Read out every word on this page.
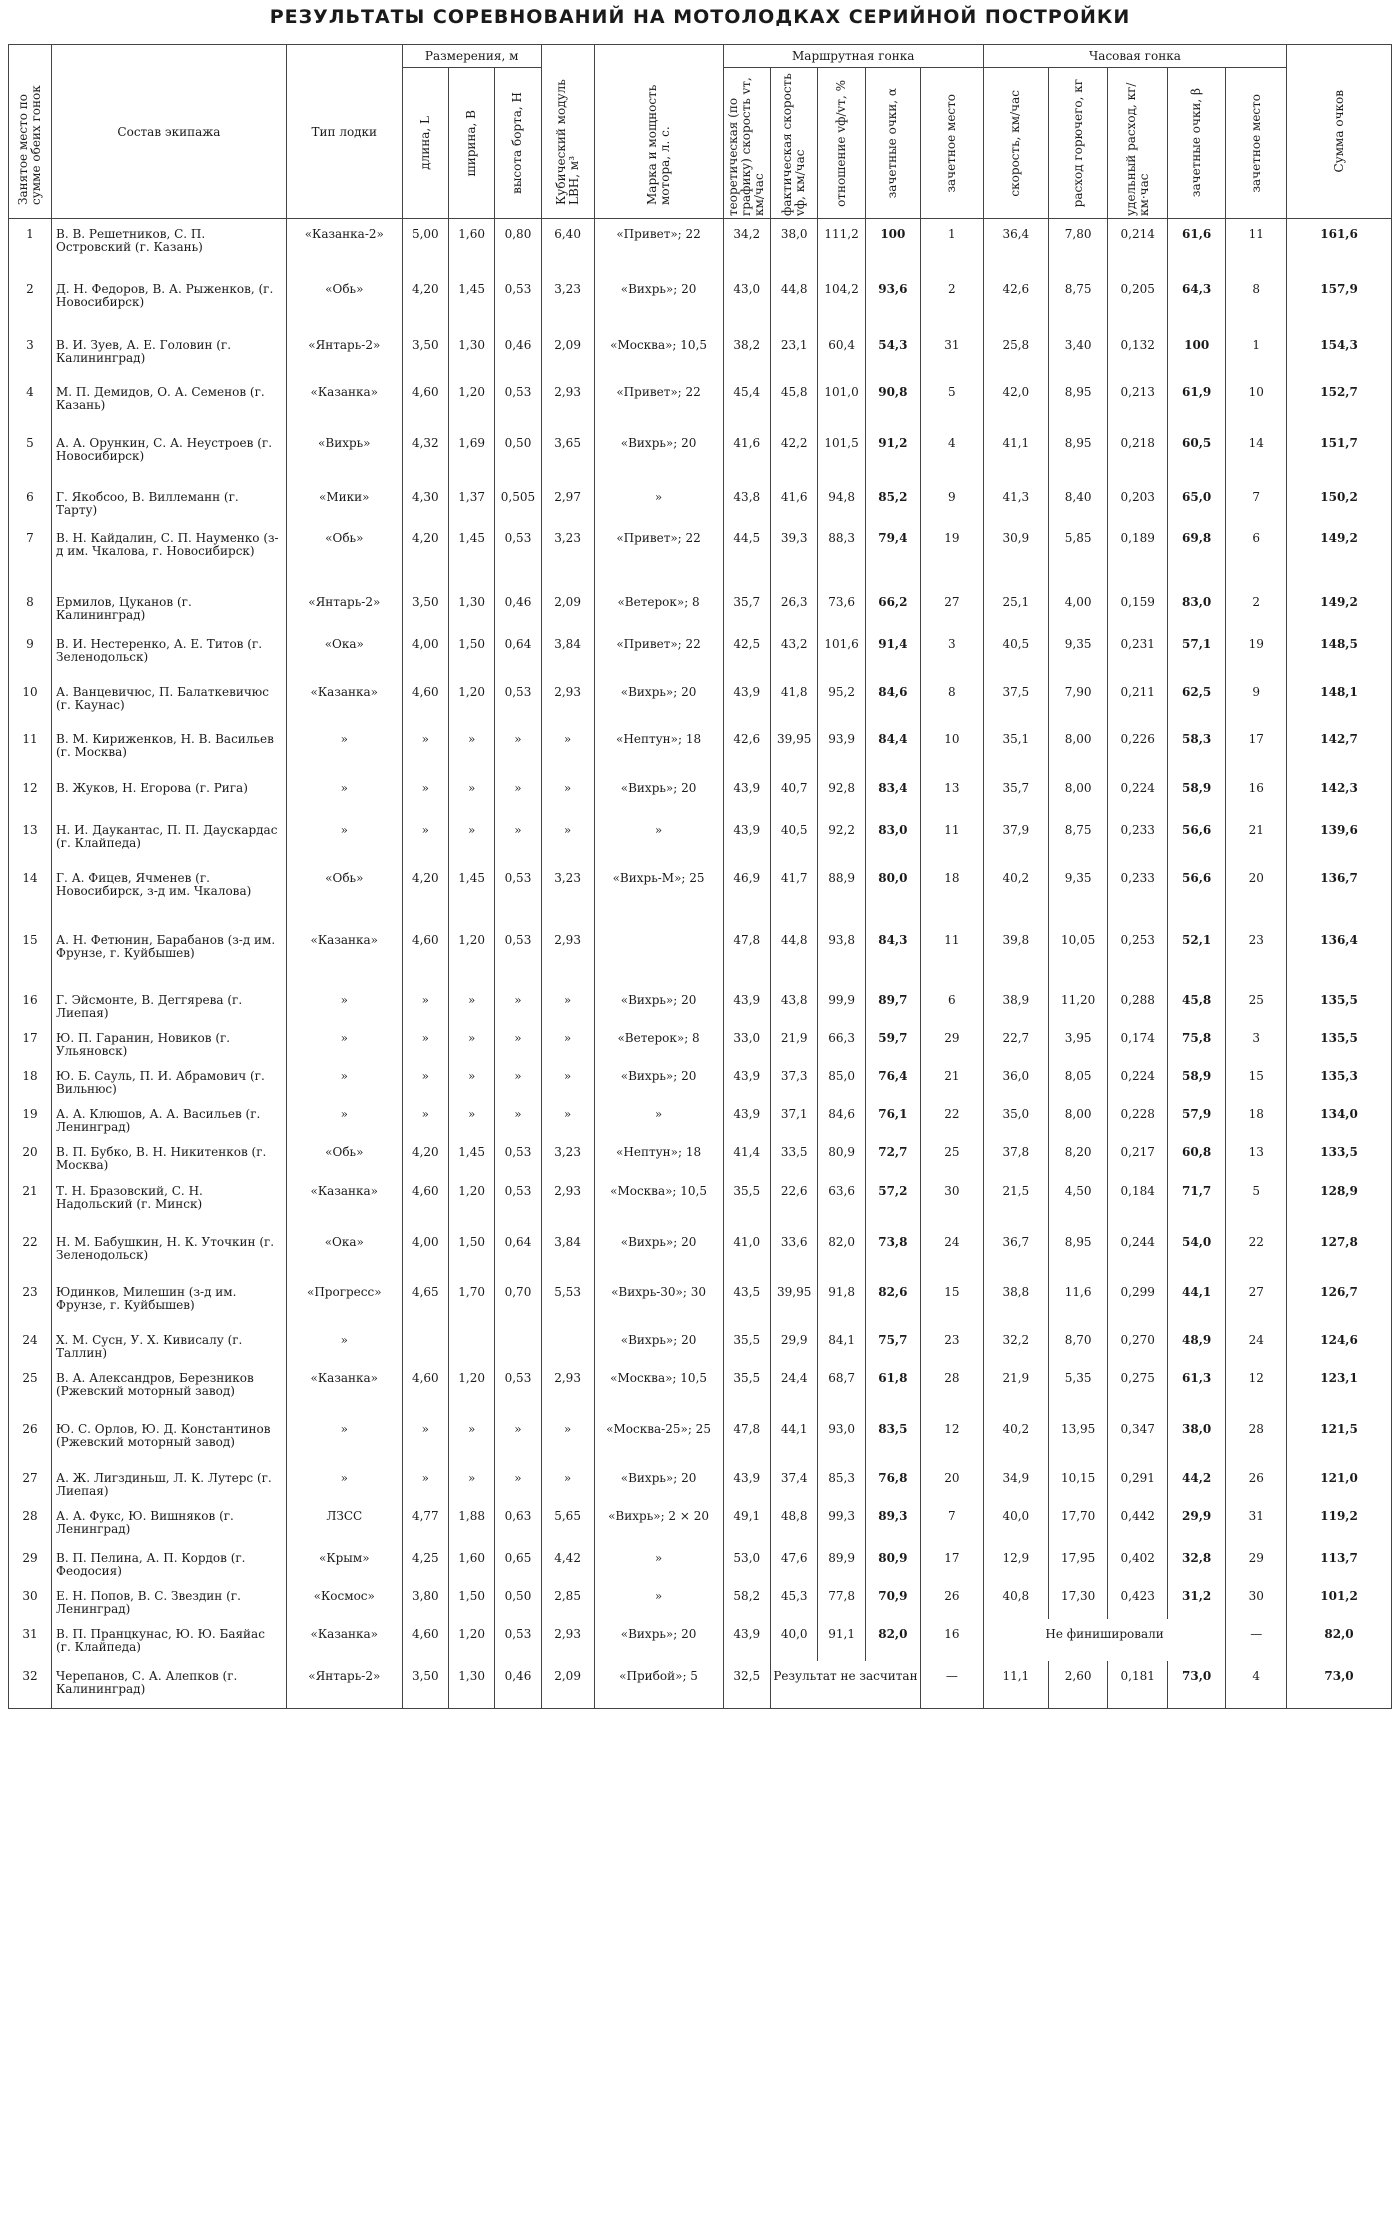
РЕЗУЛЬТАТЫ СОРЕВНОВАНИЙ НА МОТОЛОДКАХ СЕРИЙНОЙ ПОСТРОЙКИ
Занятое место по сумме обеих гонок	Состав экипажа	Тип лодки	Размерения, м			Кубический модуль LBH, м³	Марка и мощность мотора, л. с.	Маршрутная гонка					Часовая гонка					Сумма очков

			длина, L	ширина, B	высота борта, H			теоретическая (по графику) скорость vт, км/час	фактическая скорость vф, км/час	отношение vф/vт, %	зачетные очки, α	зачетное место	скорость, км/час	расход горючего, кг	удельный расход, кг/км·час	зачетные очки, β	зачетное место	

1	В. В. Решетников, С. П. Островский (г. Казань)	«Казанка-2»	5,00	1,60	0,80	6,40	«Привет»; 22	34,2	38,0	111,2	100	1	36,4	7,80	0,214	61,6	11	161,6
2	Д. Н. Федоров, В. А. Рыженков, (г. Новосибирск)	«Обь»	4,20	1,45	0,53	3,23	«Вихрь»; 20	43,0	44,8	104,2	93,6	2	42,6	8,75	0,205	64,3	8	157,9
3	В. И. Зуев, А. Е. Головин (г. Калининград)	«Янтарь-2»	3,50	1,30	0,46	2,09	«Москва»; 10,5	38,2	23,1	60,4	54,3	31	25,8	3,40	0,132	100	1	154,3
4	М. П. Демидов, О. А. Семенов (г. Казань)	«Казанка»	4,60	1,20	0,53	2,93	«Привет»; 22	45,4	45,8	101,0	90,8	5	42,0	8,95	0,213	61,9	10	152,7
5	А. А. Орункин, С. А. Неустроев (г. Новосибирск)	«Вихрь»	4,32	1,69	0,50	3,65	«Вихрь»; 20	41,6	42,2	101,5	91,2	4	41,1	8,95	0,218	60,5	14	151,7
6	Г. Якобсоо, В. Виллеманн (г. Тарту)	«Мики»	4,30	1,37	0,505	2,97	»	43,8	41,6	94,8	85,2	9	41,3	8,40	0,203	65,0	7	150,2
7	В. Н. Кайдалин, С. П. Науменко (з-д им. Чкалова, г. Новосибирск)	«Обь»	4,20	1,45	0,53	3,23	«Привет»; 22	44,5	39,3	88,3	79,4	19	30,9	5,85	0,189	69,8	6	149,2
8	Ермилов, Цуканов (г. Калининград)	«Янтарь-2»	3,50	1,30	0,46	2,09	«Ветерок»; 8	35,7	26,3	73,6	66,2	27	25,1	4,00	0,159	83,0	2	149,2
9	В. И. Нестеренко, А. Е. Титов (г. Зеленодольск)	«Ока»	4,00	1,50	0,64	3,84	«Привет»; 22	42,5	43,2	101,6	91,4	3	40,5	9,35	0,231	57,1	19	148,5
10	А. Ванцевичюс, П. Балаткевичюс (г. Каунас)	«Казанка»	4,60	1,20	0,53	2,93	«Вихрь»; 20	43,9	41,8	95,2	84,6	8	37,5	7,90	0,211	62,5	9	148,1
11	В. М. Кириженков, Н. В. Васильев (г. Москва)	»	»	»	»	»	«Нептун»; 18	42,6	39,95	93,9	84,4	10	35,1	8,00	0,226	58,3	17	142,7
12	В. Жуков, Н. Егорова (г. Рига)	»	»	»	»	»	«Вихрь»; 20	43,9	40,7	92,8	83,4	13	35,7	8,00	0,224	58,9	16	142,3
13	Н. И. Даукантас, П. П. Даускардас (г. Клайпеда)	»	»	»	»	»	»	43,9	40,5	92,2	83,0	11	37,9	8,75	0,233	56,6	21	139,6
14	Г. А. Фицев, Ячменев (г. Новосибирск, з-д им. Чкалова)	«Обь»	4,20	1,45	0,53	3,23	«Вихрь-М»; 25	46,9	41,7	88,9	80,0	18	40,2	9,35	0,233	56,6	20	136,7
15	А. Н. Фетюнин, Барабанов (з-д им. Фрунзе, г. Куйбышев)	«Казанка»	4,60	1,20	0,53	2,93		47,8	44,8	93,8	84,3	11	39,8	10,05	0,253	52,1	23	136,4
16	Г. Эйсмонте, В. Деггярева (г. Лиепая)	»	»	»	»	»	«Вихрь»; 20	43,9	43,8	99,9	89,7	6	38,9	11,20	0,288	45,8	25	135,5
17	Ю. П. Гаранин, Новиков (г. Ульяновск)	»	»	»	»	»	«Ветерок»; 8	33,0	21,9	66,3	59,7	29	22,7	3,95	0,174	75,8	3	135,5
18	Ю. Б. Сауль, П. И. Абрамович (г. Вильнюс)	»	»	»	»	»	«Вихрь»; 20	43,9	37,3	85,0	76,4	21	36,0	8,05	0,224	58,9	15	135,3
19	А. А. Клюшов, А. А. Васильев (г. Ленинград)	»	»	»	»	»	»	43,9	37,1	84,6	76,1	22	35,0	8,00	0,228	57,9	18	134,0
20	В. П. Бубко, В. Н. Никитенков (г. Москва)	«Обь»	4,20	1,45	0,53	3,23	«Нептун»; 18	41,4	33,5	80,9	72,7	25	37,8	8,20	0,217	60,8	13	133,5
21	Т. Н. Бразовский, С. Н. Надольский (г. Минск)	«Казанка»	4,60	1,20	0,53	2,93	«Москва»; 10,5	35,5	22,6	63,6	57,2	30	21,5	4,50	0,184	71,7	5	128,9
22	Н. М. Бабушкин, Н. К. Уточкин (г. Зеленодольск)	«Ока»	4,00	1,50	0,64	3,84	«Вихрь»; 20	41,0	33,6	82,0	73,8	24	36,7	8,95	0,244	54,0	22	127,8
23	Юдинков, Милешин (з-д им. Фрунзе, г. Куйбышев)	«Прогресс»	4,65	1,70	0,70	5,53	«Вихрь-30»; 30	43,5	39,95	91,8	82,6	15	38,8	11,6	0,299	44,1	27	126,7
24	Х. М. Сусн, У. Х. Кивисалу (г. Таллин)	»					«Вихрь»; 20	35,5	29,9	84,1	75,7	23	32,2	8,70	0,270	48,9	24	124,6
25	В. А. Александров, Березников (Ржевский моторный завод)	«Казанка»	4,60	1,20	0,53	2,93	«Москва»; 10,5	35,5	24,4	68,7	61,8	28	21,9	5,35	0,275	61,3	12	123,1
26	Ю. С. Орлов, Ю. Д. Константинов (Ржевский моторный завод)	»	»	»	»	»	«Москва-25»; 25	47,8	44,1	93,0	83,5	12	40,2	13,95	0,347	38,0	28	121,5
27	А. Ж. Лигздиньш, Л. К. Лутерс (г. Лиепая)	»	»	»	»	»	«Вихрь»; 20	43,9	37,4	85,3	76,8	20	34,9	10,15	0,291	44,2	26	121,0
28	А. А. Фукс, Ю. Вишняков (г. Ленинград)	ЛЗСС	4,77	1,88	0,63	5,65	«Вихрь»; 2 × 20	49,1	48,8	99,3	89,3	7	40,0	17,70	0,442	29,9	31	119,2
29	В. П. Пелина, А. П. Кордов (г. Феодосия)	«Крым»	4,25	1,60	0,65	4,42	»	53,0	47,6	89,9	80,9	17	12,9	17,95	0,402	32,8	29	113,7
30	Е. Н. Попов, В. С. Звездин (г. Ленинград)	«Космос»	3,80	1,50	0,50	2,85	»	58,2	45,3	77,8	70,9	26	40,8	17,30	0,423	31,2	30	101,2
31	В. П. Пранцкунас, Ю. Ю. Баяйас (г. Клайпеда)	«Казанка»	4,60	1,20	0,53	2,93	«Вихрь»; 20	43,9	40,0	91,1	82,0	16	Не финишировали				—	82,0
32	Черепанов, С. А. Алепков (г. Калининград)	«Янтарь-2»	3,50	1,30	0,46	2,09	«Прибой»; 5	32,5	Результат не засчитан			—	11,1	2,60	0,181	73,0	4	73,0
